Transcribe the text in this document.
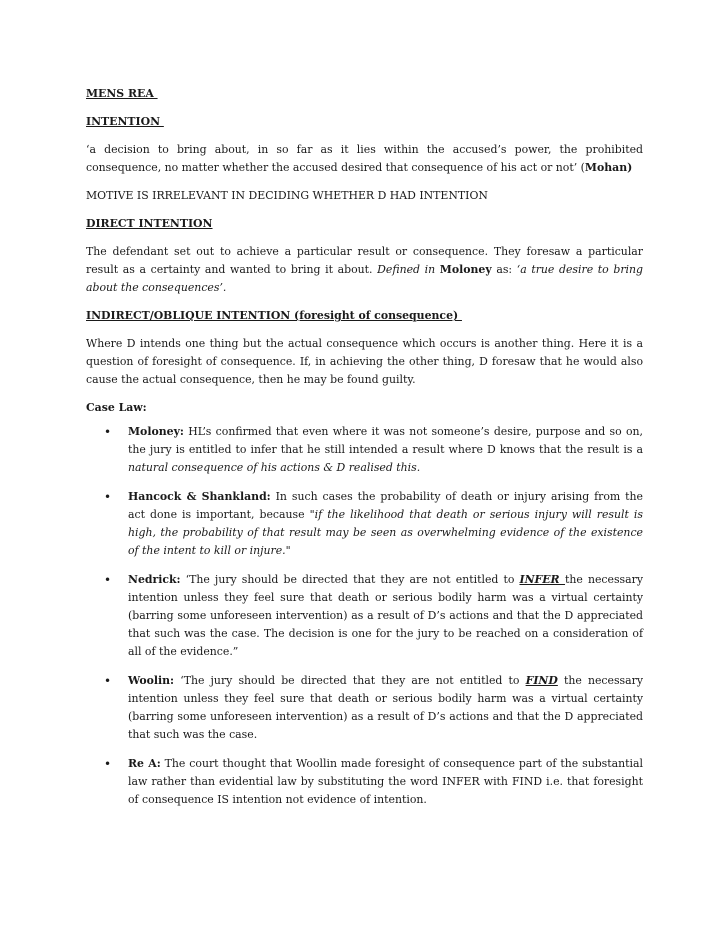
MENS REA

INTENTION

‘a decision to bring about, in so far as it lies within the accused’s power, the prohibited consequence, no matter whether the accused desired that consequence of his act or not’ (Mohan)

MOTIVE IS IRRELEVANT IN DECIDING WHETHER D HAD INTENTION

DIRECT INTENTION

The defendant set out to achieve a particular result or consequence. They foresaw a particular result as a certainty and wanted to bring it about. Defined in Moloney as: ‘a true desire to bring about the consequences’.

INDIRECT/OBLIQUE INTENTION (foresight of consequence)

Where D intends one thing but the actual consequence which occurs is another thing. Here it is a question of foresight of consequence. If, in achieving the other thing, D foresaw that he would also cause the actual consequence, then he may be found guilty.

Case Law:

• Moloney: HL’s confirmed that even where it was not someone’s desire, purpose and so on, the jury is entitled to infer that he still intended a result where D knows that the result is a natural consequence of his actions & D realised this.
• Hancock & Shankland: In such cases the probability of death or injury arising from the act done is important, because "if the likelihood that death or serious injury will result is high, the probability of that result may be seen as overwhelming evidence of the existence of the intent to kill or injure."
• Nedrick: ‘The jury should be directed that they are not entitled to INFER the necessary intention unless they feel sure that death or serious bodily harm was a virtual certainty (barring some unforeseen intervention) as a result of D’s actions and that the D appreciated that such was the case. The decision is one for the jury to be reached on a consideration of all of the evidence.”
• Woolin: ‘The jury should be directed that they are not entitled to FIND the necessary intention unless they feel sure that death or serious bodily harm was a virtual certainty (barring some unforeseen intervention) as a result of D’s actions and that the D appreciated that such was the case.
• Re A: The court thought that Woollin made foresight of consequence part of the substantial law rather than evidential law by substituting the word INFER with FIND i.e. that foresight of consequence IS intention not evidence of intention.
